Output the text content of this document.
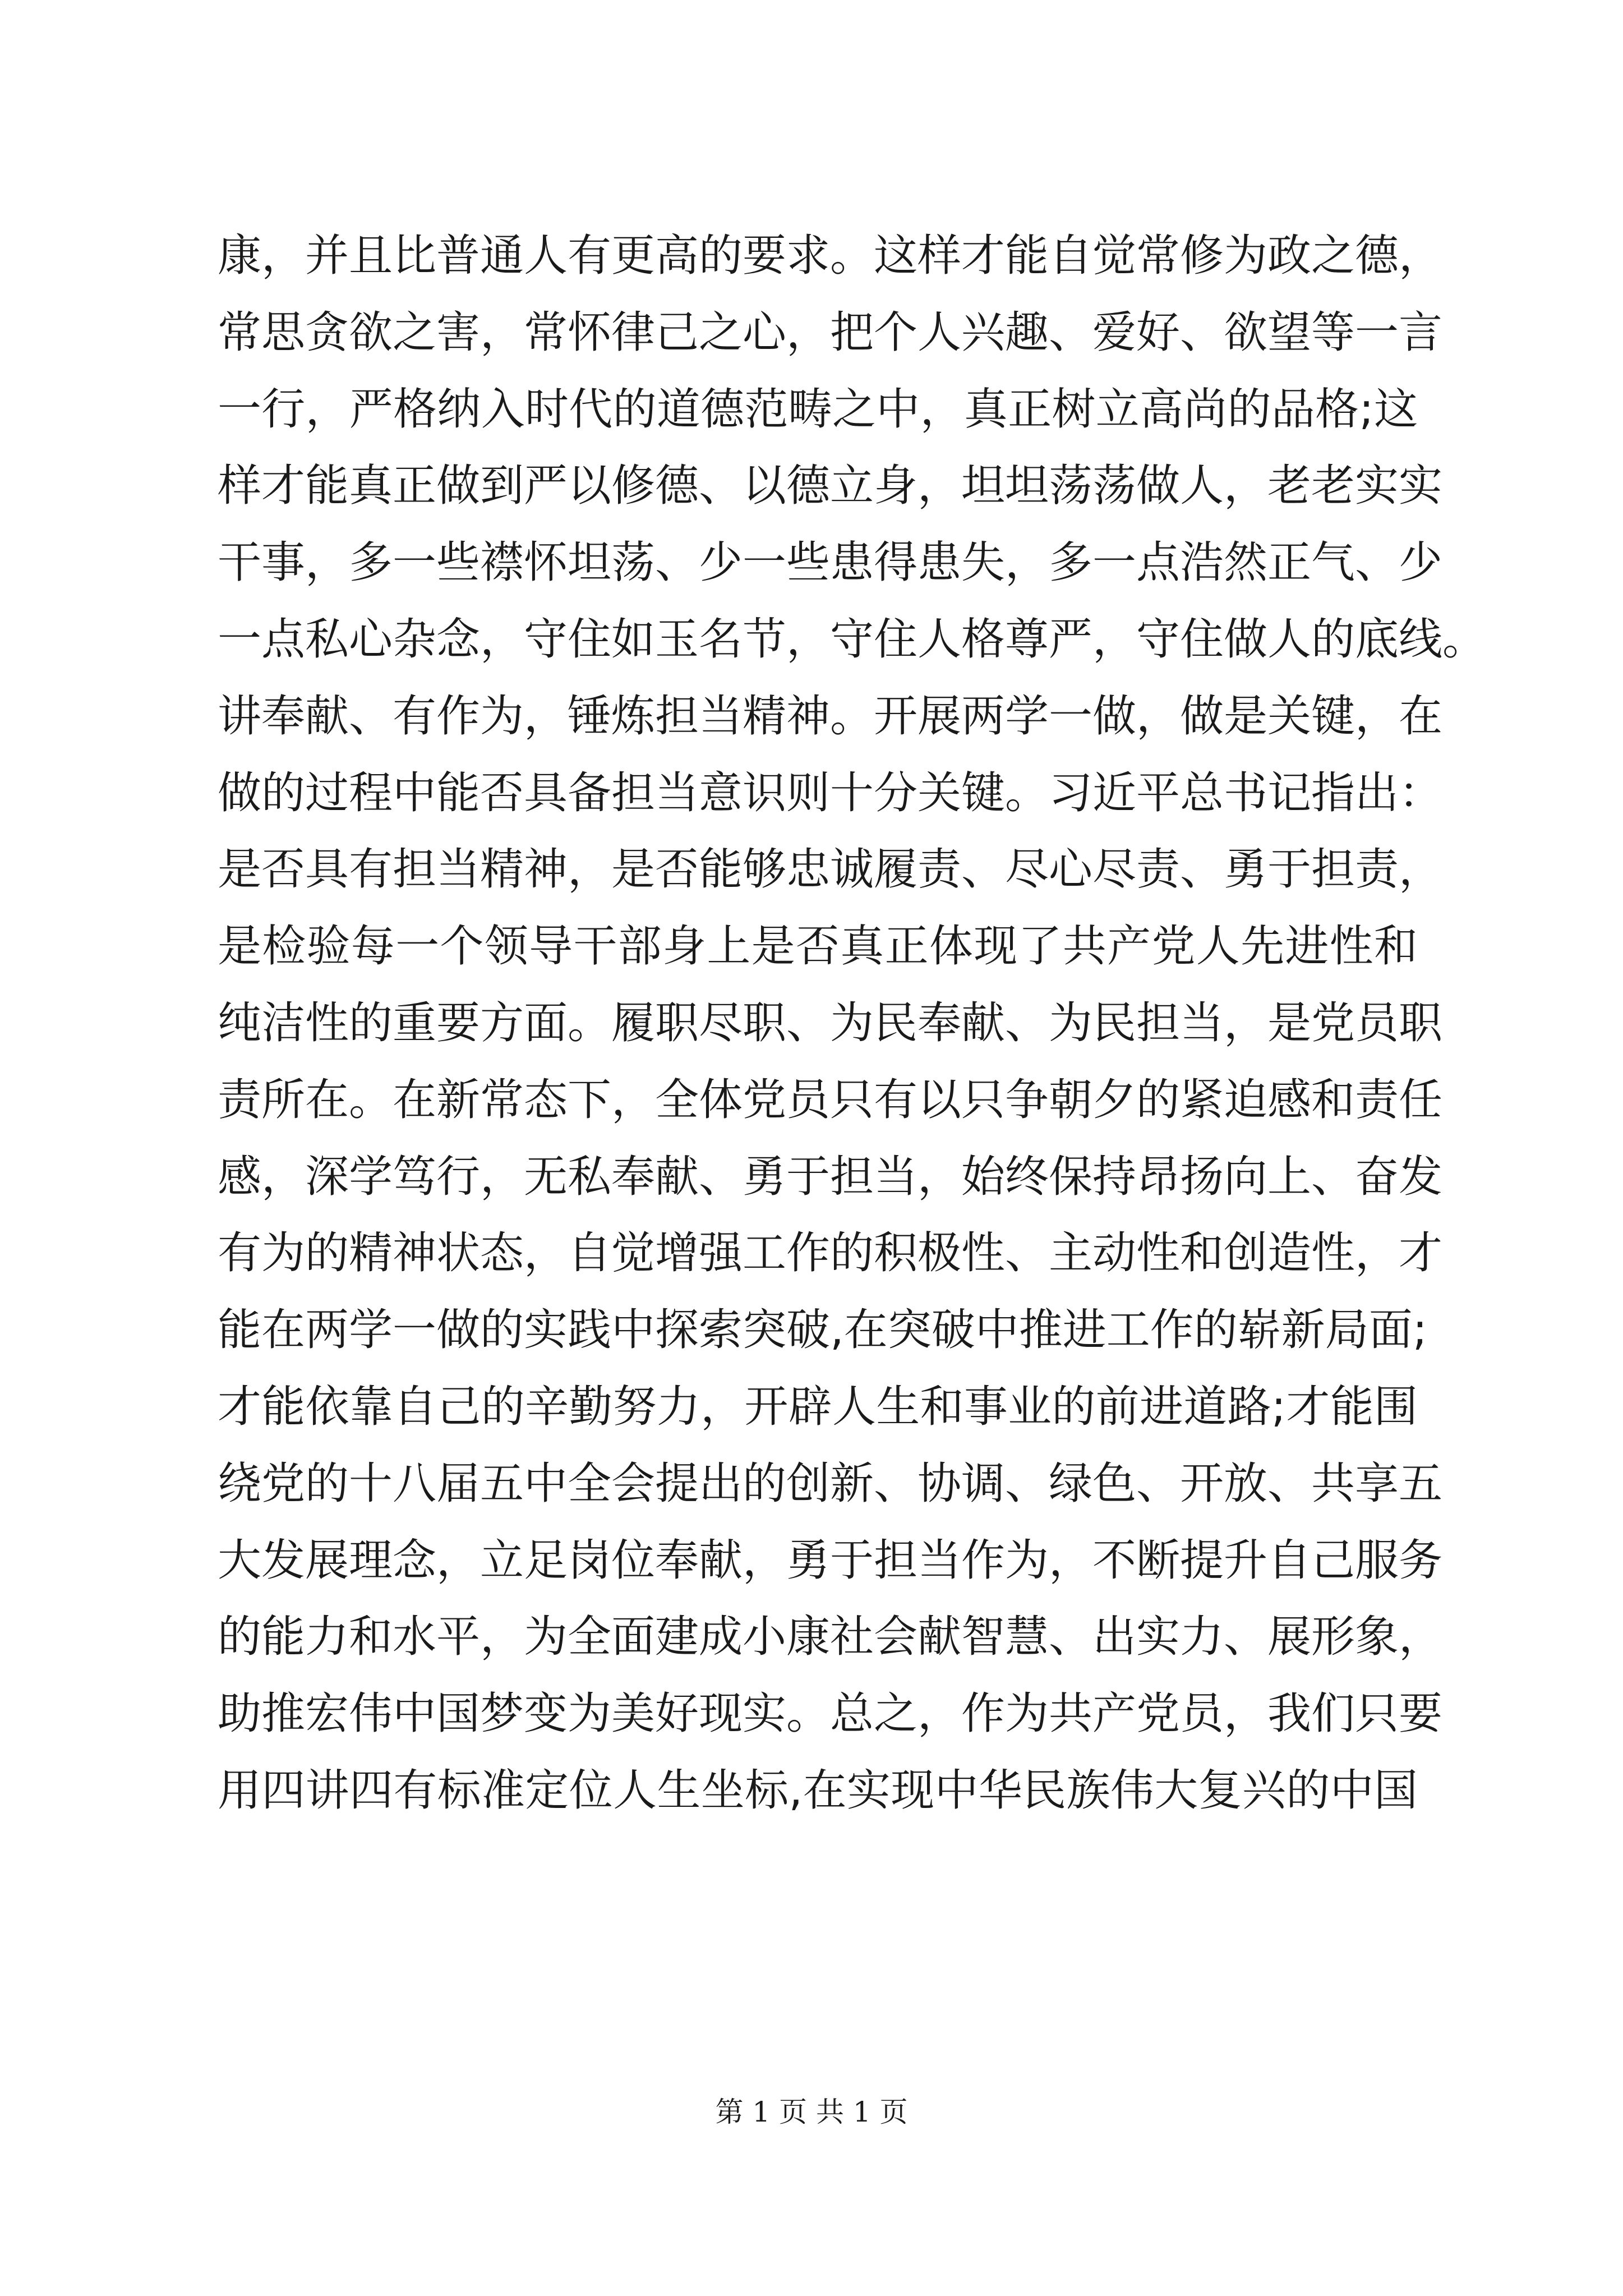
康，并且比普通人有更高的要求。这样才能自觉常修为政之德，
常思贪欲之害，常怀律己之心，把个人兴趣、爱好、欲望等一言
一行，严格纳入时代的道德范畴之中，真正树立高尚的品格;这
样才能真正做到严以修德、以德立身，坦坦荡荡做人，老老实实
干事，多一些襟怀坦荡、少一些患得患失，多一点浩然正气、少
一点私心杂念，守住如玉名节，守住人格尊严，守住做人的底线。
讲奉献、有作为，锤炼担当精神。开展两学一做，做是关键，在
做的过程中能否具备担当意识则十分关键。习近平总书记指出：
是否具有担当精神，是否能够忠诚履责、尽心尽责、勇于担责，
是检验每一个领导干部身上是否真正体现了共产党人先进性和
纯洁性的重要方面。履职尽职、为民奉献、为民担当，是党员职
责所在。在新常态下，全体党员只有以只争朝夕的紧迫感和责任
感，深学笃行，无私奉献、勇于担当，始终保持昂扬向上、奋发
有为的精神状态，自觉增强工作的积极性、主动性和创造性，才
能在两学一做的实践中探索突破,在突破中推进工作的崭新局面;
才能依靠自己的辛勤努力，开辟人生和事业的前进道路;才能围
绕党的十八届五中全会提出的创新、协调、绿色、开放、共享五
大发展理念，立足岗位奉献，勇于担当作为，不断提升自己服务
的能力和水平，为全面建成小康社会献智慧、出实力、展形象，
助推宏伟中国梦变为美好现实。总之，作为共产党员，我们只要
用四讲四有标准定位人生坐标,在实现中华民族伟大复兴的中国
第 1 页 共 1 页
